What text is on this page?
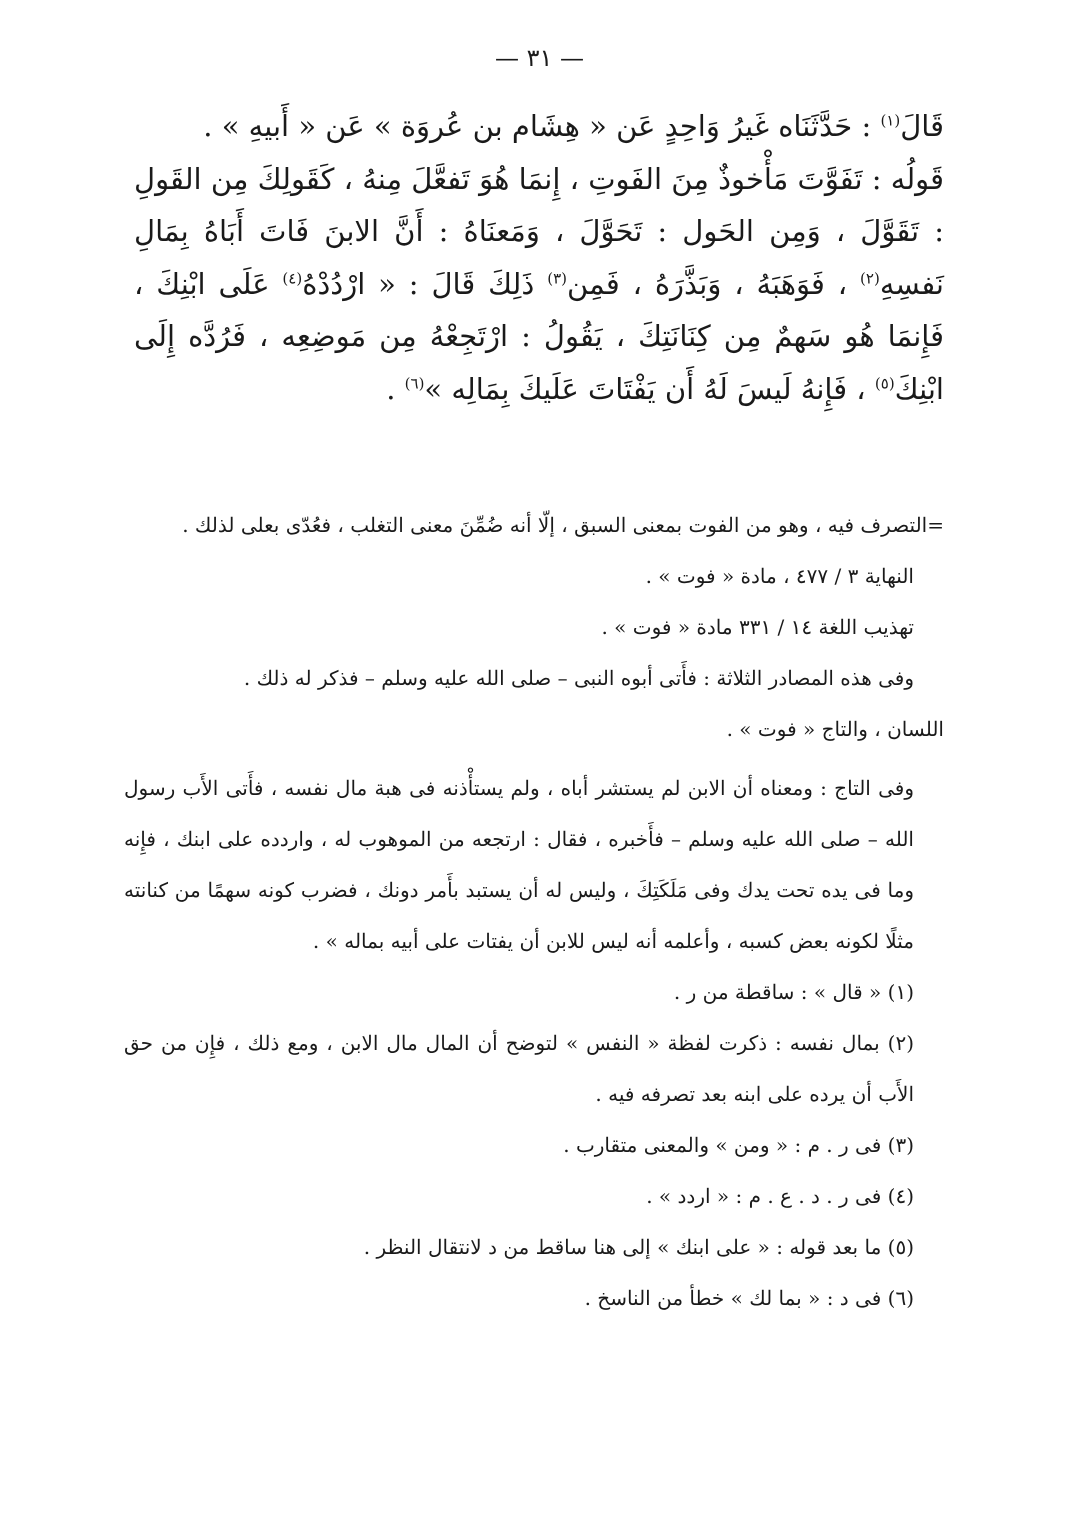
— ٣١ —

قَالَ$^{(١)}$ : حَدَّثَنَاه غَيرُ وَاحِدٍ عَن « هِشَام بن عُروَة » عَن « أَبيهِ » .

قَولُه : تَفَوَّتَ مَأْخوذٌ مِنَ الفَوتِ ، إِنمَا هُوَ تَفعَّلَ مِنهُ ، كَقَولِكَ مِن القَولِ : تَقَوَّلَ ، وَمِن الحَول : تَحَوَّلَ ، وَمَعنَاهُ : أَنَّ الابنَ فَاتَ أَبَاهُ بِمَالِ نَفسِهِ$^{(٢)}$ ، فَوَهَبَهُ ، وَبَذَّرَهُ ، فَمِن$^{(٣)}$ ذَلِكَ قَالَ : « ارْدُدْهُ$^{(٤)}$ عَلَى ابْنِكَ ، فَإِنمَا هُو سَهمٌ مِن كِنَانَتِكَ ، يَقُولُ : ارْتَجِعْهُ مِن مَوضِعِه ، فَرُدَّه إِلَى ابْنِكَ$^{(٥)}$ ، فَإِنهُ لَيسَ لَهُ أَن يَفْتَاتَ عَلَيكَ بِمَالِه »$^{(٦)}$ .

=التصرف فيه ، وهو من الفوت بمعنى السبق ، إلّا أنه ضُمِّنَ معنى التغلب ، فعُدّى بعلى لذلك .

النهاية ٣ / ٤٧٧ ، مادة « فوت » .

تهذيب اللغة ١٤ / ٣٣١ مادة « فوت » .

وفى هذه المصادر الثلاثة : فأَتى أبوه النبى – صلى الله عليه وسلم – فذكر له ذلك .

اللسان ، والتاج « فوت » .

وفى التاج : ومعناه أن الابن لم يستشر أباه ، ولم يستأْذنه فى هبة مال نفسه ، فأَتى الأَب رسول الله – صلى الله عليه وسلم – فأَخبره ، فقال : ارتجعه من الموهوب له ، واردده على ابنك ، فإِنه وما فى يده تحت يدك وفى مَلَكَتِكَ ، وليس له أن يستبد بأَمر دونك ، فضرب كونه سهمًا من كنانته مثلًا لكونه بعض كسبه ، وأعلمه أنه ليس للابن أن يفتات على أبيه بماله » .

(١) « قال » : ساقطة من ر .

(٢) بمال نفسه : ذكرت لفظة « النفس » لتوضح أن المال مال الابن ، ومع ذلك ، فإِن من حق الأَب أن يرده على ابنه بعد تصرفه فيه .

(٣) فى ر . م : « ومن » والمعنى متقارب .

(٤) فى ر . د . ع . م : « اردد » .

(٥) ما بعد قوله : « على ابنك » إلى هنا ساقط من د لانتقال النظر .

(٦) فى د : « بما لك » خطأ من الناسخ .
